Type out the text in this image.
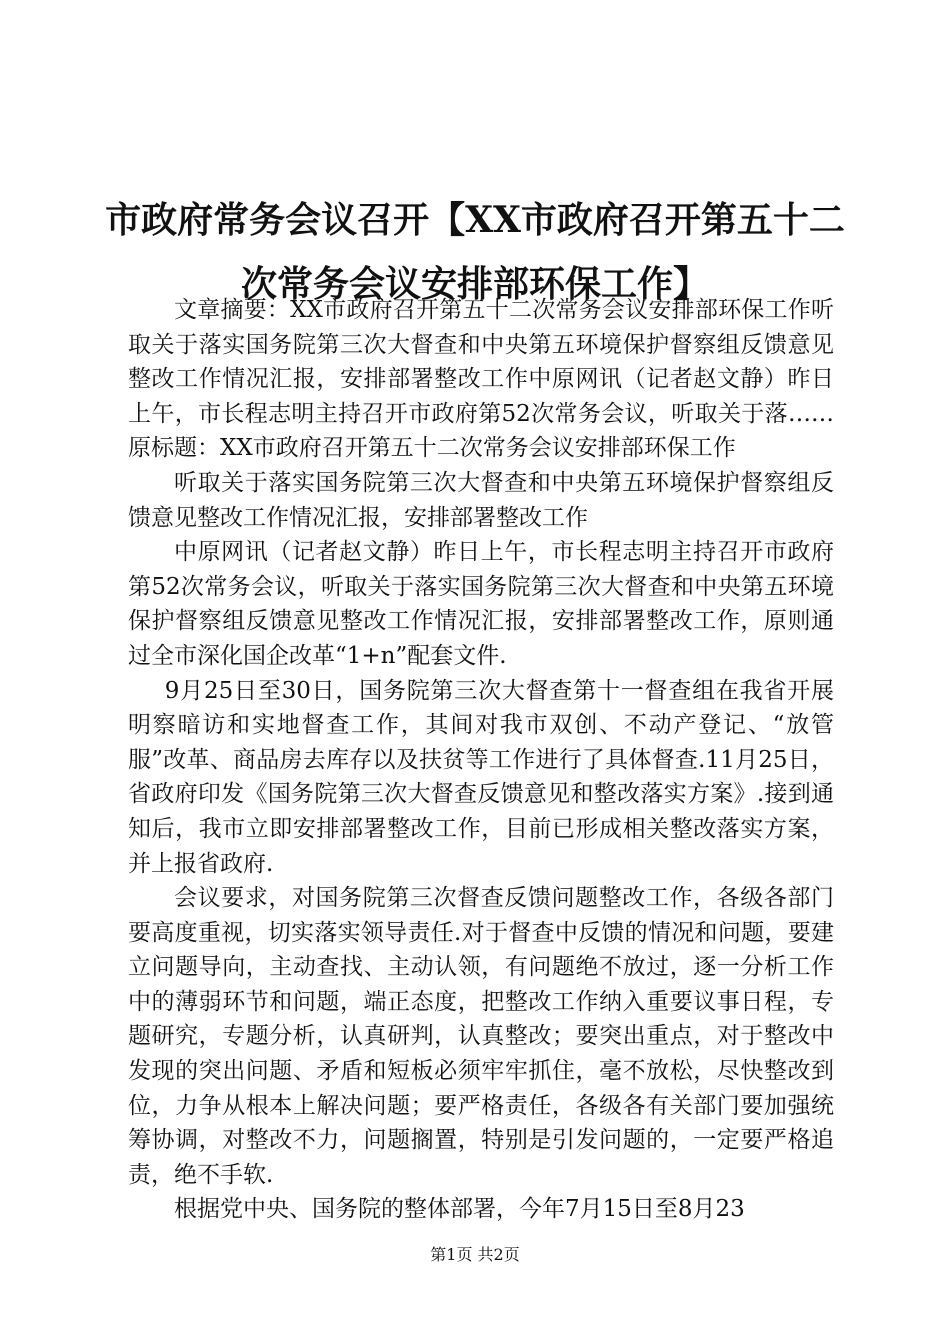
市政府常务会议召开【XX市政府召开第五十二次常务会议安排部环保工作】

文章摘要：XX市政府召开第五十二次常务会议安排部环保工作听取关于落实国务院第三次大督查和中央第五环境保护督察组反馈意见整改工作情况汇报，安排部署整改工作中原网讯（记者赵文静）昨日上午，市长程志明主持召开市政府第52次常务会议，听取关于落……原标题：XX市政府召开第五十二次常务会议安排部环保工作

听取关于落实国务院第三次大督查和中央第五环境保护督察组反馈意见整改工作情况汇报，安排部署整改工作

中原网讯（记者赵文静）昨日上午，市长程志明主持召开市政府第52次常务会议，听取关于落实国务院第三次大督查和中央第五环境保护督察组反馈意见整改工作情况汇报，安排部署整改工作，原则通过全市深化国企改革“1+n”配套文件.

9月25日至30日，国务院第三次大督查第十一督查组在我省开展明察暗访和实地督查工作，其间对我市双创、不动产登记、“放管服”改革、商品房去库存以及扶贫等工作进行了具体督查.11月25日，省政府印发《国务院第三次大督查反馈意见和整改落实方案》.接到通知后，我市立即安排部署整改工作，目前已形成相关整改落实方案，并上报省政府.

会议要求，对国务院第三次督查反馈问题整改工作，各级各部门要高度重视，切实落实领导责任.对于督查中反馈的情况和问题，要建立问题导向，主动查找、主动认领，有问题绝不放过，逐一分析工作中的薄弱环节和问题，端正态度，把整改工作纳入重要议事日程，专题研究，专题分析，认真研判，认真整改；要突出重点，对于整改中发现的突出问题、矛盾和短板必须牢牢抓住，毫不放松，尽快整改到位，力争从根本上解决问题；要严格责任，各级各有关部门要加强统筹协调，对整改不力，问题搁置，特别是引发问题的，一定要严格追责，绝不手软.

根据党中央、国务院的整体部署，今年7月15日至8月23

第1页 共2页
